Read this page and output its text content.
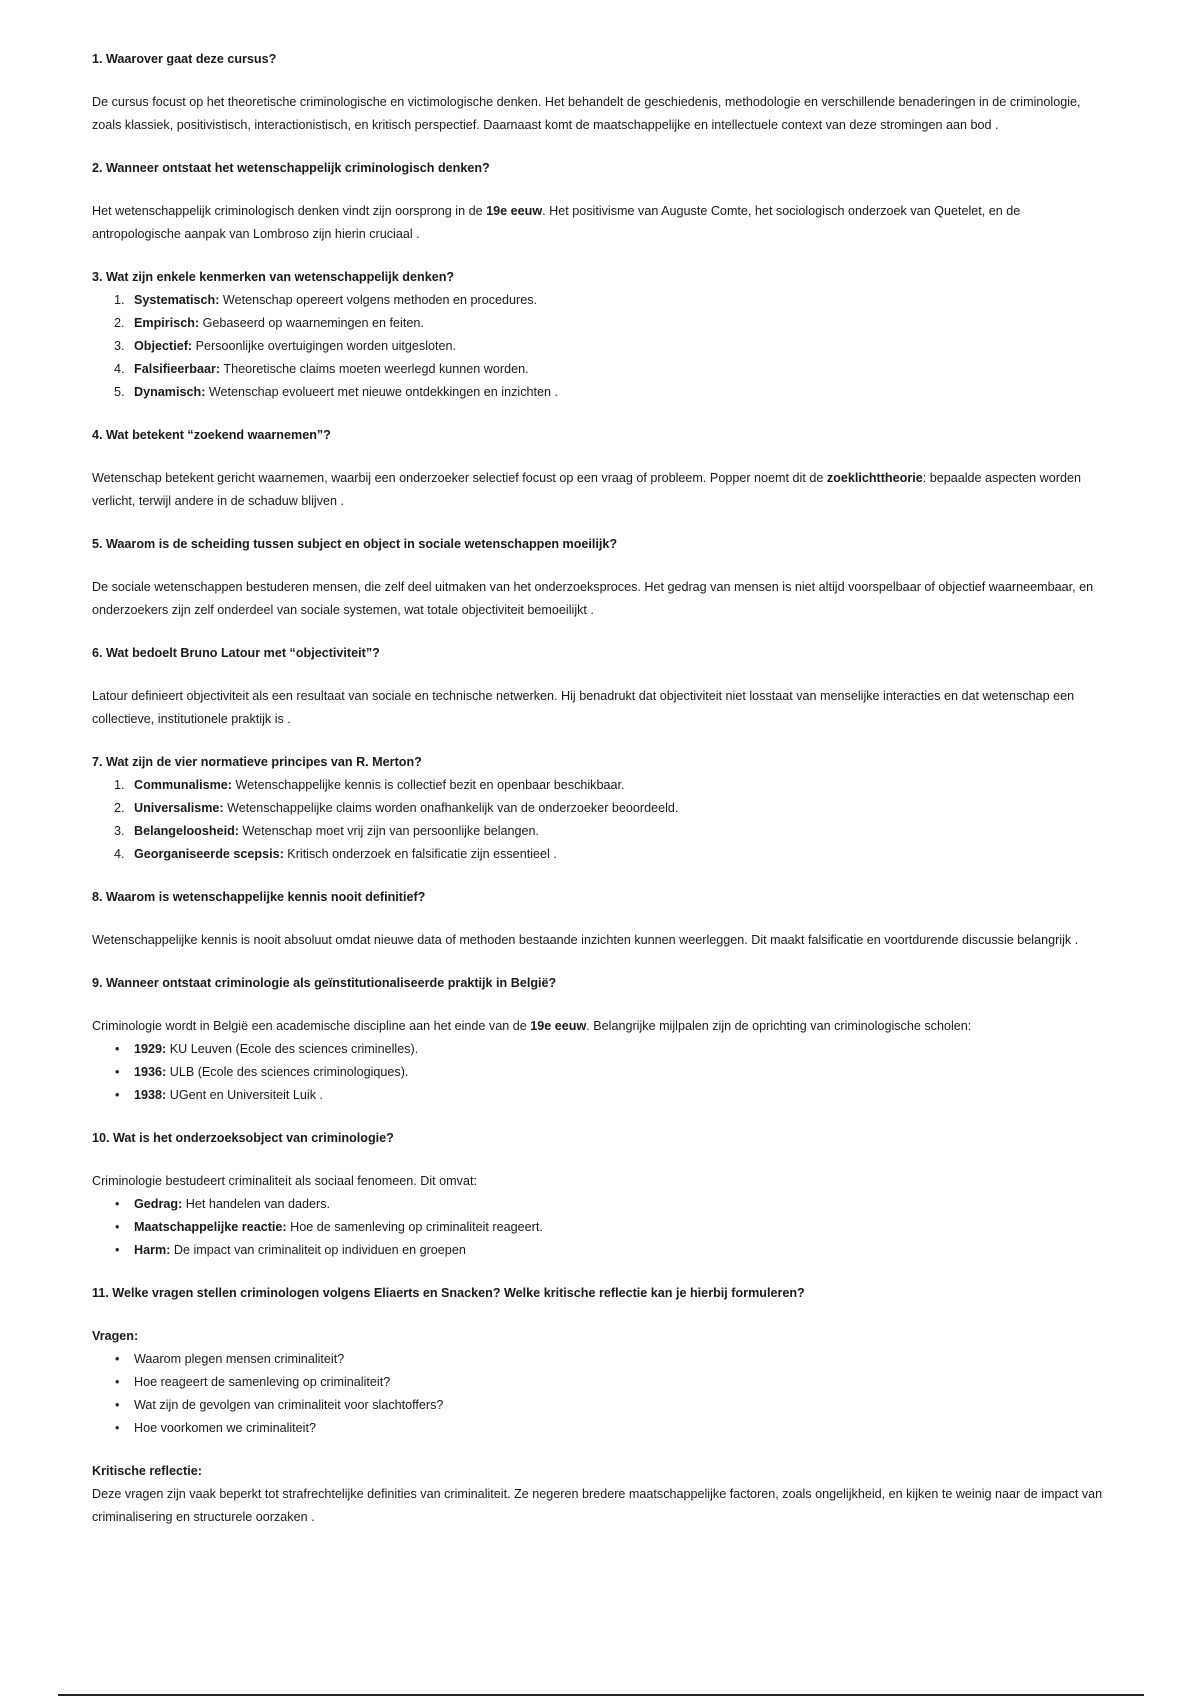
1. Waarover gaat deze cursus?

De cursus focust op het theoretische criminologische en victimologische denken. Het behandelt de geschiedenis, methodologie en verschillende benaderingen in de criminologie, zoals klassiek, positivistisch, interactionistisch, en kritisch perspectief. Daarnaast komt de maatschappelijke en intellectuele context van deze stromingen aan bod .

2. Wanneer ontstaat het wetenschappelijk criminologisch denken?

Het wetenschappelijk criminologisch denken vindt zijn oorsprong in de 19e eeuw. Het positivisme van Auguste Comte, het sociologisch onderzoek van Quetelet, en de antropologische aanpak van Lombroso zijn hierin cruciaal .

3. Wat zijn enkele kenmerken van wetenschappelijk denken?

1. Systematisch: Wetenschap opereert volgens methoden en procedures.
2. Empirisch: Gebaseerd op waarnemingen en feiten.
3. Objectief: Persoonlijke overtuigingen worden uitgesloten.
4. Falsifieerbaar: Theoretische claims moeten weerlegd kunnen worden.
5. Dynamisch: Wetenschap evolueert met nieuwe ontdekkingen en inzichten .

4. Wat betekent “zoekend waarnemen”?

Wetenschap betekent gericht waarnemen, waarbij een onderzoeker selectief focust op een vraag of probleem. Popper noemt dit de zoeklichttheorie: bepaalde aspecten worden verlicht, terwijl andere in de schaduw blijven .

5. Waarom is de scheiding tussen subject en object in sociale wetenschappen moeilijk?

De sociale wetenschappen bestuderen mensen, die zelf deel uitmaken van het onderzoeksproces. Het gedrag van mensen is niet altijd voorspelbaar of objectief waarneembaar, en onderzoekers zijn zelf onderdeel van sociale systemen, wat totale objectiviteit bemoeilijkt .

6. Wat bedoelt Bruno Latour met “objectiviteit”?

Latour definieert objectiviteit als een resultaat van sociale en technische netwerken. Hij benadrukt dat objectiviteit niet losstaat van menselijke interacties en dat wetenschap een collectieve, institutionele praktijk is .

7. Wat zijn de vier normatieve principes van R. Merton?

1. Communalisme: Wetenschappelijke kennis is collectief bezit en openbaar beschikbaar.
2. Universalisme: Wetenschappelijke claims worden onafhankelijk van de onderzoeker beoordeeld.
3. Belangeloosheid: Wetenschap moet vrij zijn van persoonlijke belangen.
4. Georganiseerde scepsis: Kritisch onderzoek en falsificatie zijn essentieel .

8. Waarom is wetenschappelijke kennis nooit definitief?

Wetenschappelijke kennis is nooit absoluut omdat nieuwe data of methoden bestaande inzichten kunnen weerleggen. Dit maakt falsificatie en voortdurende discussie belangrijk .

9. Wanneer ontstaat criminologie als geïnstitutionaliseerde praktijk in België?

Criminologie wordt in België een academische discipline aan het einde van de 19e eeuw. Belangrijke mijlpalen zijn de oprichting van criminologische scholen:

• 1929: KU Leuven (Ecole des sciences criminelles).
• 1936: ULB (Ecole des sciences criminologiques).
• 1938: UGent en Universiteit Luik .

10. Wat is het onderzoeksobject van criminologie?

Criminologie bestudeert criminaliteit als sociaal fenomeen. Dit omvat:

• Gedrag: Het handelen van daders.
• Maatschappelijke reactie: Hoe de samenleving op criminaliteit reageert.
• Harm: De impact van criminaliteit op individuen en groepen

11. Welke vragen stellen criminologen volgens Eliaerts en Snacken? Welke kritische reflectie kan je hierbij formuleren?

Vragen:

• Waarom plegen mensen criminaliteit?
• Hoe reageert de samenleving op criminaliteit?
• Wat zijn de gevolgen van criminaliteit voor slachtoffers?
• Hoe voorkomen we criminaliteit?

Kritische reflectie:

Deze vragen zijn vaak beperkt tot strafrechtelijke definities van criminaliteit. Ze negeren bredere maatschappelijke factoren, zoals ongelijkheid, en kijken te weinig naar de impact van criminalisering en structurele oorzaken .
